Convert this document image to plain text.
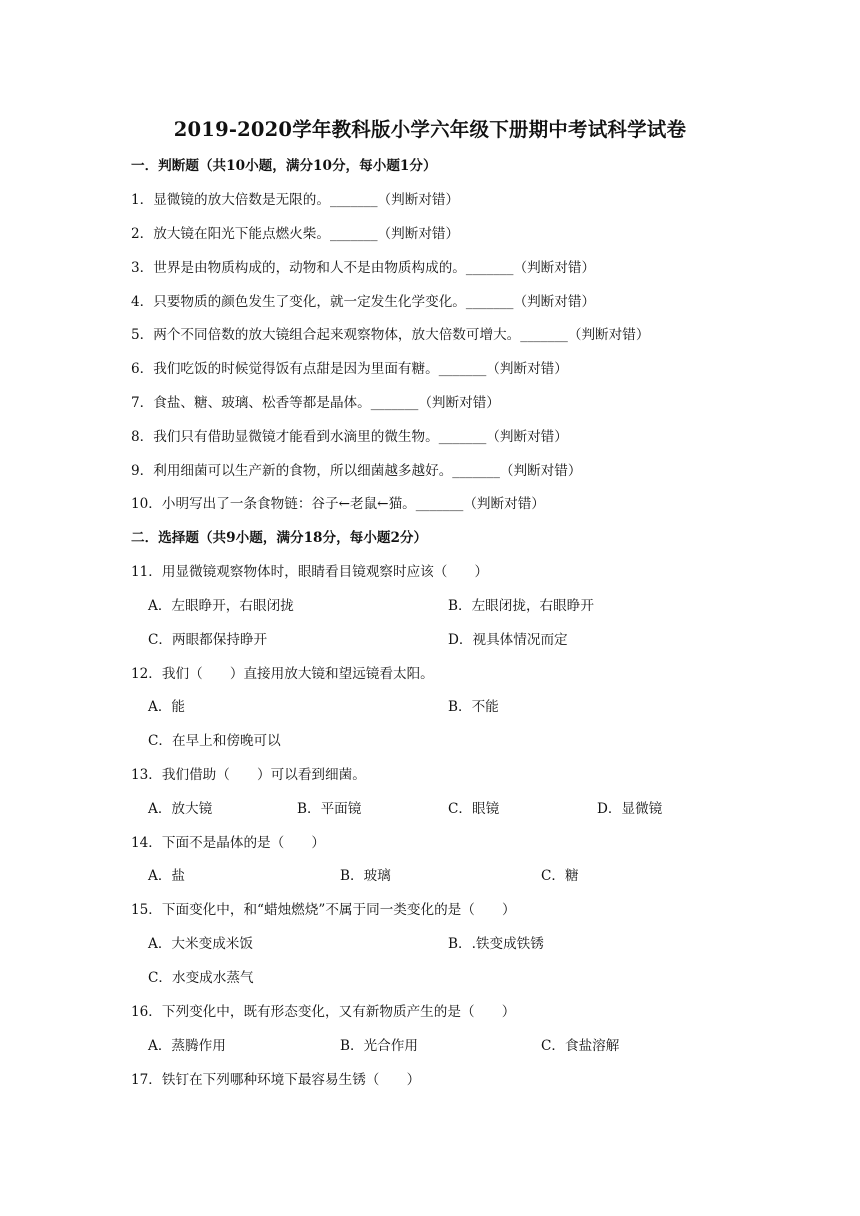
2019-2020学年教科版小学六年级下册期中考试科学试卷
一．判断题（共10小题，满分10分，每小题1分）
1．显微镜的放大倍数是无限的。_______（判断对错）
2．放大镜在阳光下能点燃火柴。_______（判断对错）
3．世界是由物质构成的，动物和人不是由物质构成的。_______（判断对错）
4．只要物质的颜色发生了变化，就一定发生化学变化。_______（判断对错）
5．两个不同倍数的放大镜组合起来观察物体，放大倍数可增大。_______（判断对错）
6．我们吃饭的时候觉得饭有点甜是因为里面有糖。_______（判断对错）
7．食盐、糖、玻璃、松香等都是晶体。_______（判断对错）
8．我们只有借助显微镜才能看到水滴里的微生物。_______（判断对错）
9．利用细菌可以生产新的食物，所以细菌越多越好。_______（判断对错）
10．小明写出了一条食物链：谷子←老鼠←猫。_______（判断对错）
二．选择题（共9小题，满分18分，每小题2分）
11．用显微镜观察物体时，眼睛看目镜观察时应该（　　）
A．左眼睁开，右眼闭拢	B．左眼闭拢，右眼睁开
C．两眼都保持睁开	D．视具体情况而定
12．我们（　　）直接用放大镜和望远镜看太阳。
A．能	B．不能
C．在早上和傍晚可以
13．我们借助（　　）可以看到细菌。
A．放大镜	B．平面镜	C．眼镜	D．显微镜
14．下面不是晶体的是（　　）
A．盐	B．玻璃	C．糖
15．下面变化中，和“蜡烛燃烧”不属于同一类变化的是（　　）
A．大米变成米饭	B．.铁变成铁锈
C．水变成水蒸气
16．下列变化中，既有形态变化，又有新物质产生的是（　　）
A．蒸腾作用	B．光合作用	C．食盐溶解
17．铁钉在下列哪种环境下最容易生锈（　　）
